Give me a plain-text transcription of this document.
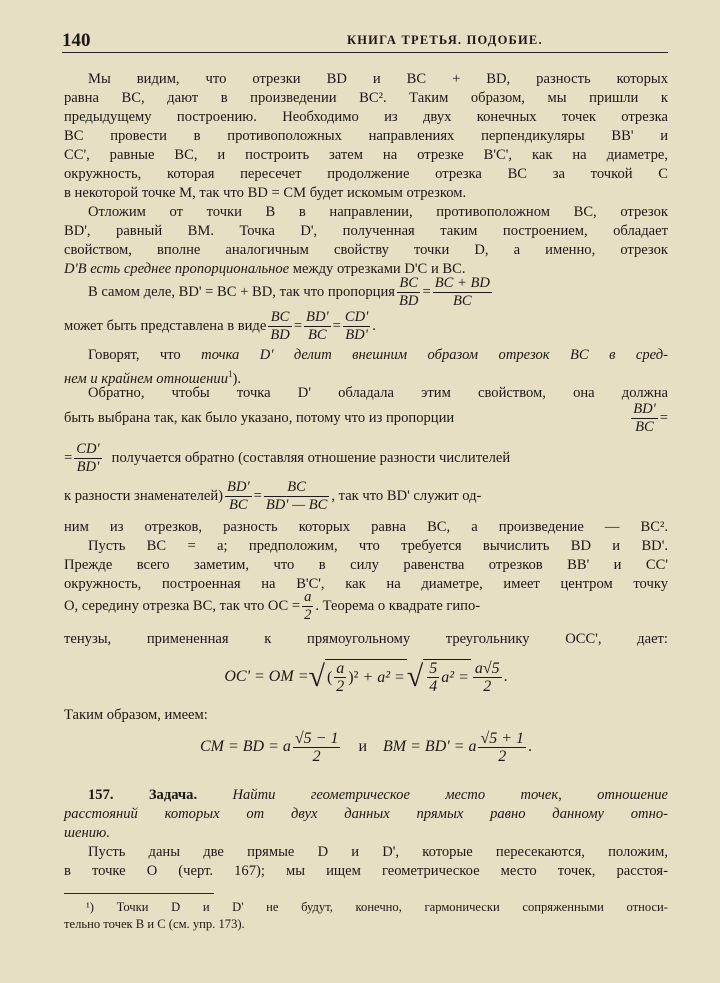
140	КНИГА ТРЕТЬЯ. ПОДОБИЕ.
Мы видим, что отрезки BD и BC + BD, разность которых
равна BC, дают в произведении BC². Таким образом, мы пришли к
предыдущему построению. Необходимо из двух конечных точек отрезка
BC провести в противоположных направлениях перпендикуляры BB' и
CC', равные BC, и построить затем на отрезке B'C', как на диаметре,
окружность, которая пересечет продолжение отрезка BC за точкой C
в некоторой точке M, так что BD = CM будет искомым отрезком.
Отложим от точки B в направлении, противоположном BC, отрезок
BD', равный BM. Точка D', полученная таким построением, обладает
свойством, вполне аналогичным свойству точки D, а именно, отрезок
D'B есть среднее пропорциональное между отрезками D'C и BC.
В самом деле, BD' = BC + BD, так что пропорция $\frac{BC}{BD} = \frac{BC + BD}{BC}$
может быть представлена в виде $\frac{BC}{BD} = \frac{BD'}{BC} = \frac{CD'}{BD'}$ .
Говорят, что точка D' делит внешним образом отрезок BC в сред-
нем и крайнем отношении$^1$).
Обратно, чтобы точка D' обладала этим свойством, она должна
быть выбрана так, как было указано, потому что из пропорции	$\frac{BD'}{BC}$ =
= $\frac{CD'}{BD'}$ получается обратно (составляя отношение разности числителей
к разности знаменателей) $\frac{BD'}{BC} = \frac{BC}{BD' — BC}$ , так что BD' служит од-
ним из отрезков, разность которых равна BC, а произведение — BC².
Пусть BC = a; предположим, что требуется вычислить BD и BD'.
Прежде всего заметим, что в силу равенства отрезков BB' и CC'
окружность, построенная на B'C', как на диаметре, имеет центром точку
O, середину отрезка BC, так что OC = $\frac{a}{2}$ . Теорема о квадрате гипо-
тенузы, примененная к прямоугольному треугольнику OCC', дает:
OC' = OM = √ ( $\frac{a}{2} )^2 + a^2$ = √ $\frac{5}{4} a^2 = \frac{a√5}{2}$ .
Таким образом, имеем:
CM = BD = a $\frac{√5 - 1}{2}$ и BM = BD' = a $\frac{√5 + 1}{2}$ .
157. Задача. Найти геометрическое место точек, отношение
расстояний которых от двух данных прямых равно данному отно-
шению.
Пусть даны две прямые D и D', которые пересекаются, положим,
в точке O (черт. 167); мы ищем геометрическое место точек, расстоя-
¹) Точки D и D' не будут, конечно, гармонически сопряженными относи-
тельно точек B и C (см. упр. 173).
